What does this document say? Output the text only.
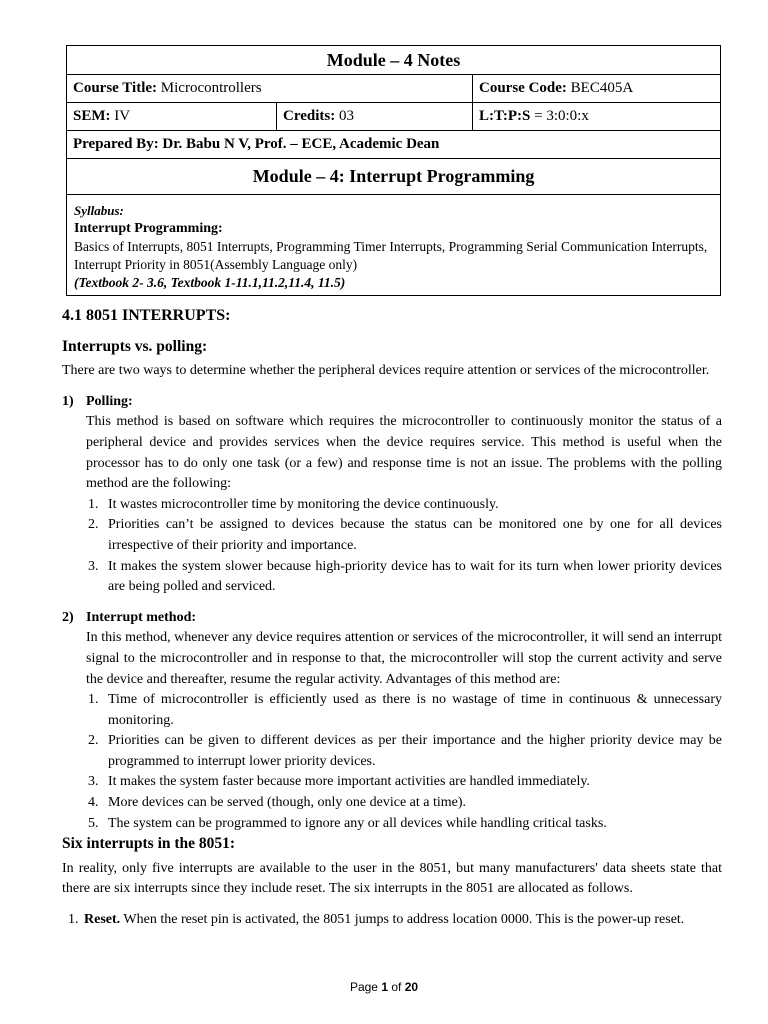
Module – 4 Notes		
Course Title: Microcontrollers		Course Code: BEC405A
SEM: IV	Credits: 03	L:T:P:S = 3:0:0:x
Prepared By: Dr. Babu N V, Prof. – ECE, Academic Dean		
Module – 4: Interrupt Programming		

Syllabus:
Interrupt Programming:
Basics of Interrupts, 8051 Interrupts, Programming Timer Interrupts, Programming Serial Communication Interrupts, Interrupt Priority in 8051(Assembly Language only)
(Textbook 2- 3.6, Textbook 1-11.1,11.2,11.4, 11.5)		
4.1 8051 INTERRUPTS:
Interrupts vs. polling:

There are two ways to determine whether the peripheral devices require attention or services of the microcontroller.

1) Polling:

This method is based on software which requires the microcontroller to continuously monitor the status of a peripheral device and provides services when the device requires service. This method is useful when the processor has to do only one task (or a few) and response time is not an issue. The problems with the polling method are the following:

1. It wastes microcontroller time by monitoring the device continuously.
2. Priorities can’t be assigned to devices because the status can be monitored one by one for all devices irrespective of their priority and importance.
3. It makes the system slower because high-priority device has to wait for its turn when lower priority devices are being polled and serviced.
2) Interrupt method:

In this method, whenever any device requires attention or services of the microcontroller, it will send an interrupt signal to the microcontroller and in response to that, the microcontroller will stop the current activity and serve the device and thereafter, resume the regular activity. Advantages of this method are:

1. Time of microcontroller is efficiently used as there is no wastage of time in continuous & unnecessary monitoring.
2. Priorities can be given to different devices as per their importance and the higher priority device may be programmed to interrupt lower priority devices.
3. It makes the system faster because more important activities are handled immediately.
4. More devices can be served (though, only one device at a time).
5. The system can be programmed to ignore any or all devices while handling critical tasks.
Six interrupts in the 8051:

In reality, only five interrupts are available to the user in the 8051, but many manufacturers' data sheets state that there are six interrupts since they include reset. The six interrupts in the 8051 are allocated as follows.

1. Reset. When the reset pin is activated, the 8051 jumps to address location 0000. This is the power-up reset.
Page 1 of 20
